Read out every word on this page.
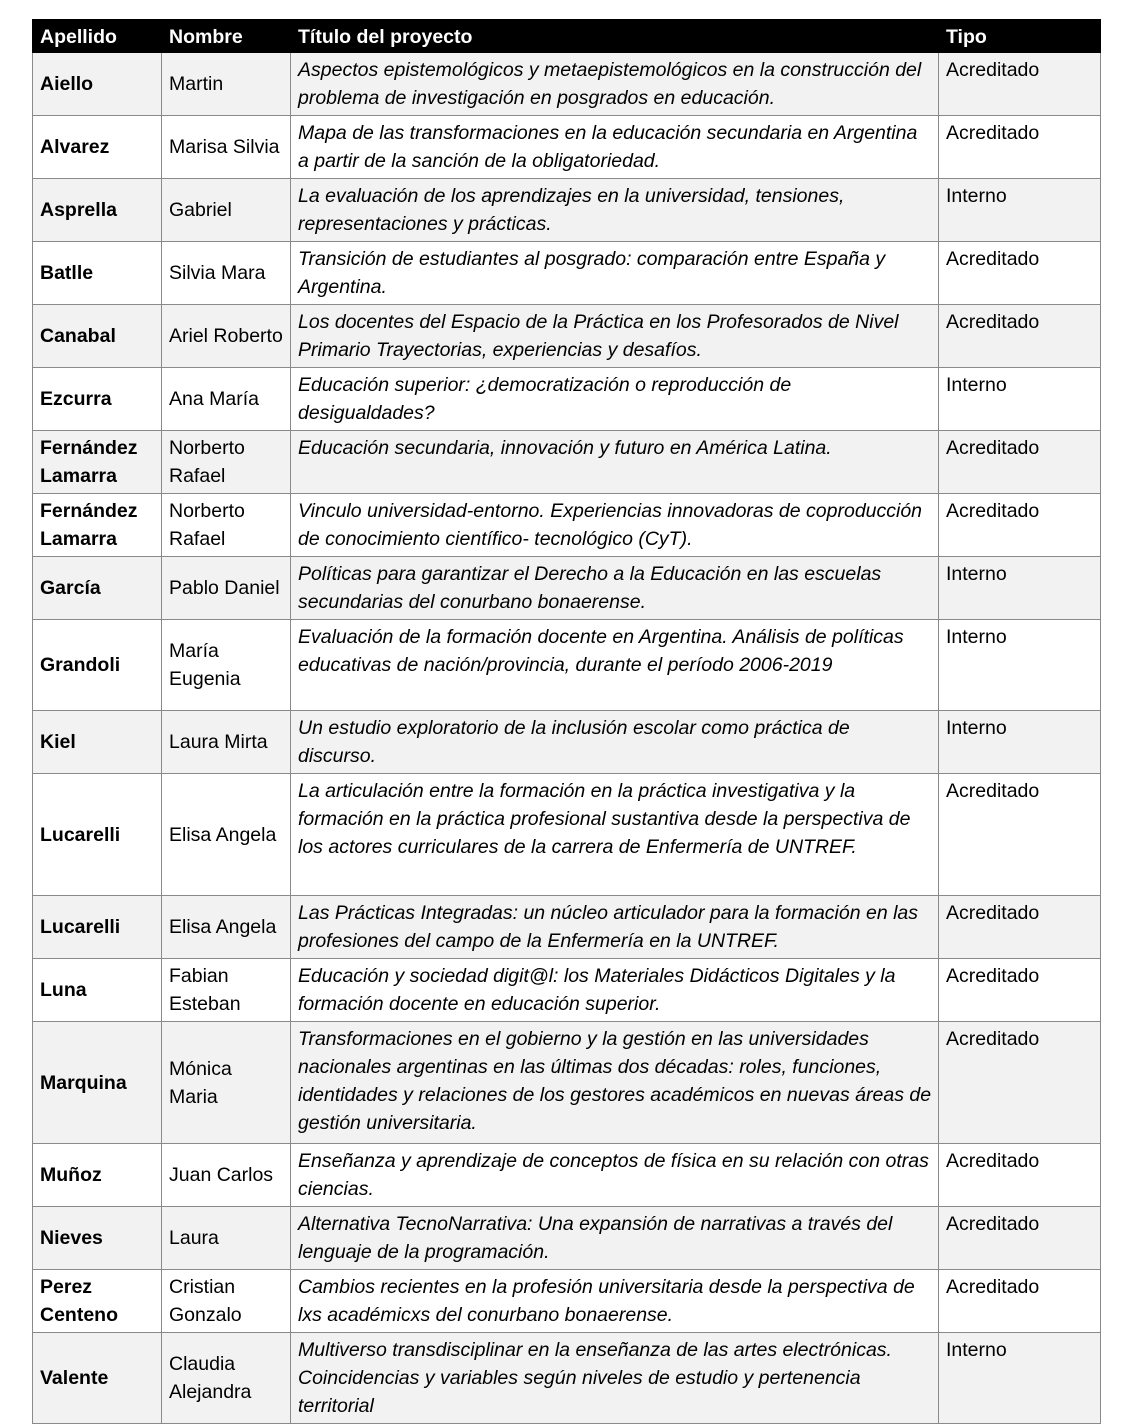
Apellido	Nombre	Título del proyecto	Tipo
Aiello	Martin	Aspectos epistemológicos y metaepistemológicos en la construcción del problema de investigación en posgrados en educación.	Acreditado
Alvarez	Marisa Silvia	Mapa de las transformaciones en la educación secundaria en Argentina a partir de la sanción de la obligatoriedad.	Acreditado
Asprella	Gabriel	La evaluación de los aprendizajes en la universidad, tensiones, representaciones y prácticas.	Interno
Batlle	Silvia Mara	Transición de estudiantes al posgrado: comparación entre España y Argentina.	Acreditado
Canabal	Ariel Roberto	Los docentes del Espacio de la Práctica en los Profesorados de Nivel Primario Trayectorias, experiencias y desafíos.	Acreditado
Ezcurra	Ana María	Educación superior: ¿democratización o reproducción de desigualdades?	Interno
Fernández Lamarra	Norberto Rafael	Educación secundaria, innovación y futuro en América Latina.	Acreditado
Fernández Lamarra	Norberto Rafael	Vinculo universidad-entorno. Experiencias innovadoras de coproducción de conocimiento científico- tecnológico (CyT).	Acreditado
García	Pablo Daniel	Políticas para garantizar el Derecho a la Educación en las escuelas secundarias del conurbano bonaerense.	Interno
Grandoli	María Eugenia	Evaluación de la formación docente en Argentina. Análisis de políticas educativas de nación/provincia, durante el período 2006-2019	Interno
Kiel	Laura Mirta	Un estudio exploratorio de la inclusión escolar como práctica de discurso.	Interno
Lucarelli	Elisa Angela	La articulación entre la formación en la práctica investigativa y la formación en la práctica profesional sustantiva desde la perspectiva de los actores curriculares de la carrera de Enfermería de UNTREF.	Acreditado
Lucarelli	Elisa Angela	Las Prácticas Integradas: un núcleo articulador para la formación en las profesiones del campo de la Enfermería en la UNTREF.	Acreditado
Luna	Fabian Esteban	Educación y sociedad digit@l: los Materiales Didácticos Digitales y la formación docente en educación superior.	Acreditado
Marquina	Mónica Maria	Transformaciones en el gobierno y la gestión en las universidades nacionales argentinas en las últimas dos décadas: roles, funciones, identidades y relaciones de los gestores académicos en nuevas áreas de gestión universitaria.	Acreditado
Muñoz	Juan Carlos	Enseñanza y aprendizaje de conceptos de física en su relación con otras ciencias.	Acreditado
Nieves	Laura	Alternativa TecnoNarrativa: Una expansión de narrativas a través del lenguaje de la programación.	Acreditado
Perez Centeno	Cristian Gonzalo	Cambios recientes en la profesión universitaria desde la perspectiva de lxs académicxs del conurbano bonaerense.	Acreditado
Valente	Claudia Alejandra	Multiverso transdisciplinar en la enseñanza de las artes electrónicas. Coincidencias y variables según niveles de estudio y pertenencia territorial	Interno
